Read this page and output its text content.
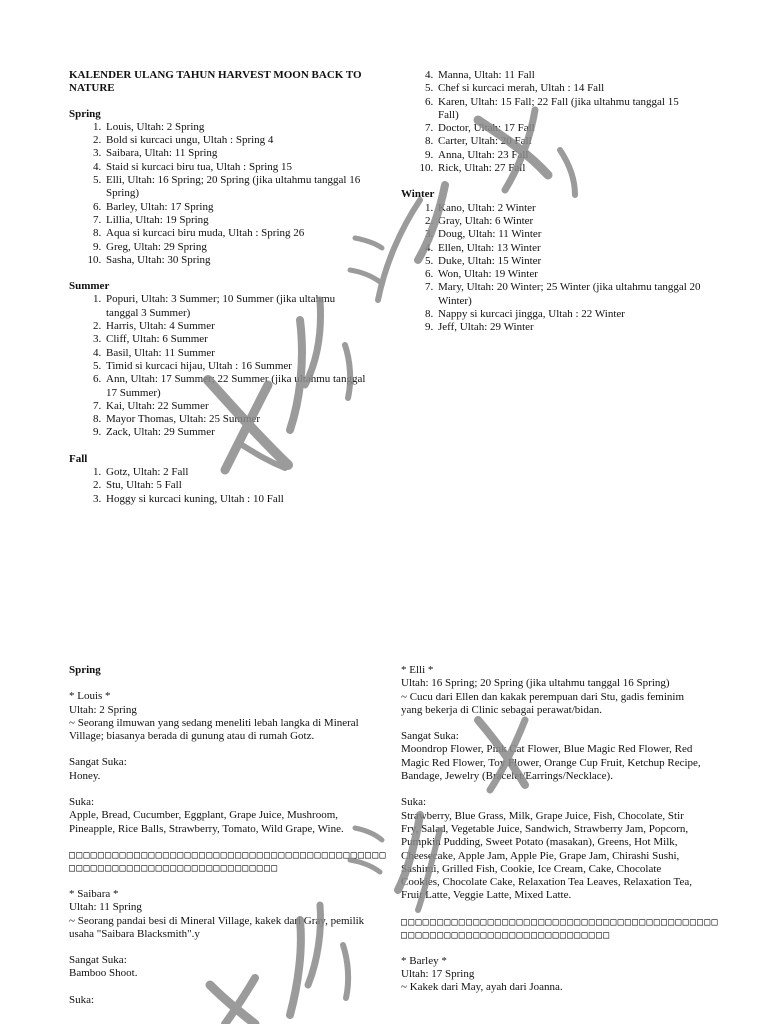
KALENDER ULANG TAHUN HARVEST MOON BACK TO NATURE
Spring
1. Louis, Ultah: 2 Spring
2. Bold si kurcaci ungu, Ultah : Spring 4
3. Saibara, Ultah: 11 Spring
4. Staid si kurcaci biru tua, Ultah : Spring 15
5. Elli, Ultah: 16 Spring; 20 Spring (jika ultahmu tanggal 16 Spring)
6. Barley, Ultah: 17 Spring
7. Lillia, Ultah: 19 Spring
8. Aqua si kurcaci biru muda, Ultah : Spring 26
9. Greg, Ultah: 29 Spring
10. Sasha, Ultah: 30 Spring
Summer
1. Popuri, Ultah: 3 Summer; 10 Summer (jika ultahmu tanggal 3 Summer)
2. Harris, Ultah: 4 Summer
3. Cliff, Ultah: 6 Summer
4. Basil, Ultah: 11 Summer
5. Timid si kurcaci hijau, Ultah : 16 Summer
6. Ann, Ultah: 17 Summer; 22 Summer (jika ultahmu tanggal 17 Summer)
7. Kai, Ultah: 22 Summer
8. Mayor Thomas, Ultah: 25 Summer
9. Zack, Ultah: 29 Summer
Fall
1. Gotz, Ultah: 2 Fall
2. Stu, Ultah: 5 Fall
3. Hoggy si kurcaci kuning, Ultah : 10 Fall
4. Manna, Ultah: 11 Fall
5. Chef si kurcaci merah, Ultah : 14 Fall
6. Karen, Ultah: 15 Fall; 22 Fall (jika ultahmu tanggal 15 Fall)
7. Doctor, Ultah: 17 Fall
8. Carter, Ultah: 20 Fall
9. Anna, Ultah: 23 Fall
10. Rick, Ultah: 27 Fall
Winter
1. Kano, Ultah: 2 Winter
2. Gray, Ultah: 6 Winter
3. Doug, Ultah: 11 Winter
4. Ellen, Ultah: 13 Winter
5. Duke, Ultah: 15 Winter
6. Won, Ultah: 19 Winter
7. Mary, Ultah: 20 Winter; 25 Winter (jika ultahmu tanggal 20 Winter)
8. Nappy si kurcaci jingga, Ultah : 22 Winter
9. Jeff, Ultah: 29 Winter
Spring
* Louis *
Ultah: 2 Spring
~ Seorang ilmuwan yang sedang meneliti lebah langka di Mineral Village; biasanya berada di gunung atau di rumah Gotz.
Sangat Suka:
Honey.
Suka:
Apple, Bread, Cucumber, Eggplant, Grape Juice, Mushroom, Pineapple, Rice Balls, Strawberry, Tomato, Wild Grape, Wine.
□□□□□□□□□□□□□□□□□□□□□□□□□□□□□□□□□□□□□□□□□□□□
□□□□□□□□□□□□□□□□□□□□□□□□□□□□□
* Saibara *
Ultah: 11 Spring
~ Seorang pandai besi di Mineral Village, kakek dari Gray, pemilik usaha "Saibara Blacksmith".y
Sangat Suka:
Bamboo Shoot.
Suka:
* Elli *
Ultah: 16 Spring; 20 Spring (jika ultahmu tanggal 16 Spring)
~ Cucu dari Ellen dan kakak perempuan dari Stu, gadis feminim yang bekerja di Clinic sebagai perawat/bidan.
Sangat Suka:
Moondrop Flower, Pink Cat Flower, Blue Magic Red Flower, Red Magic Red Flower, Toy Flower, Orange Cup Fruit, Ketchup Recipe, Bandage, Jewelry (Bracelet/Earrings/Necklace).
Suka:
Strawberry, Blue Grass, Milk, Grape Juice, Fish, Chocolate, Stir Fry, Salad, Vegetable Juice, Sandwich, Strawberry Jam, Popcorn, Pumpkin Pudding, Sweet Potato (masakan), Greens, Hot Milk, Cheesecake, Apple Jam, Apple Pie, Grape Jam, Chirashi Sushi, Sashimi, Grilled Fish, Cookie, Ice Cream, Cake, Chocolate Cookies, Chocolate Cake, Relaxation Tea Leaves, Relaxation Tea, Fruit Latte, Veggie Latte, Mixed Latte.
□□□□□□□□□□□□□□□□□□□□□□□□□□□□□□□□□□□□□□□□□□□□
□□□□□□□□□□□□□□□□□□□□□□□□□□□□□
* Barley *
Ultah: 17 Spring
~ Kakek dari May, ayah dari Joanna.
